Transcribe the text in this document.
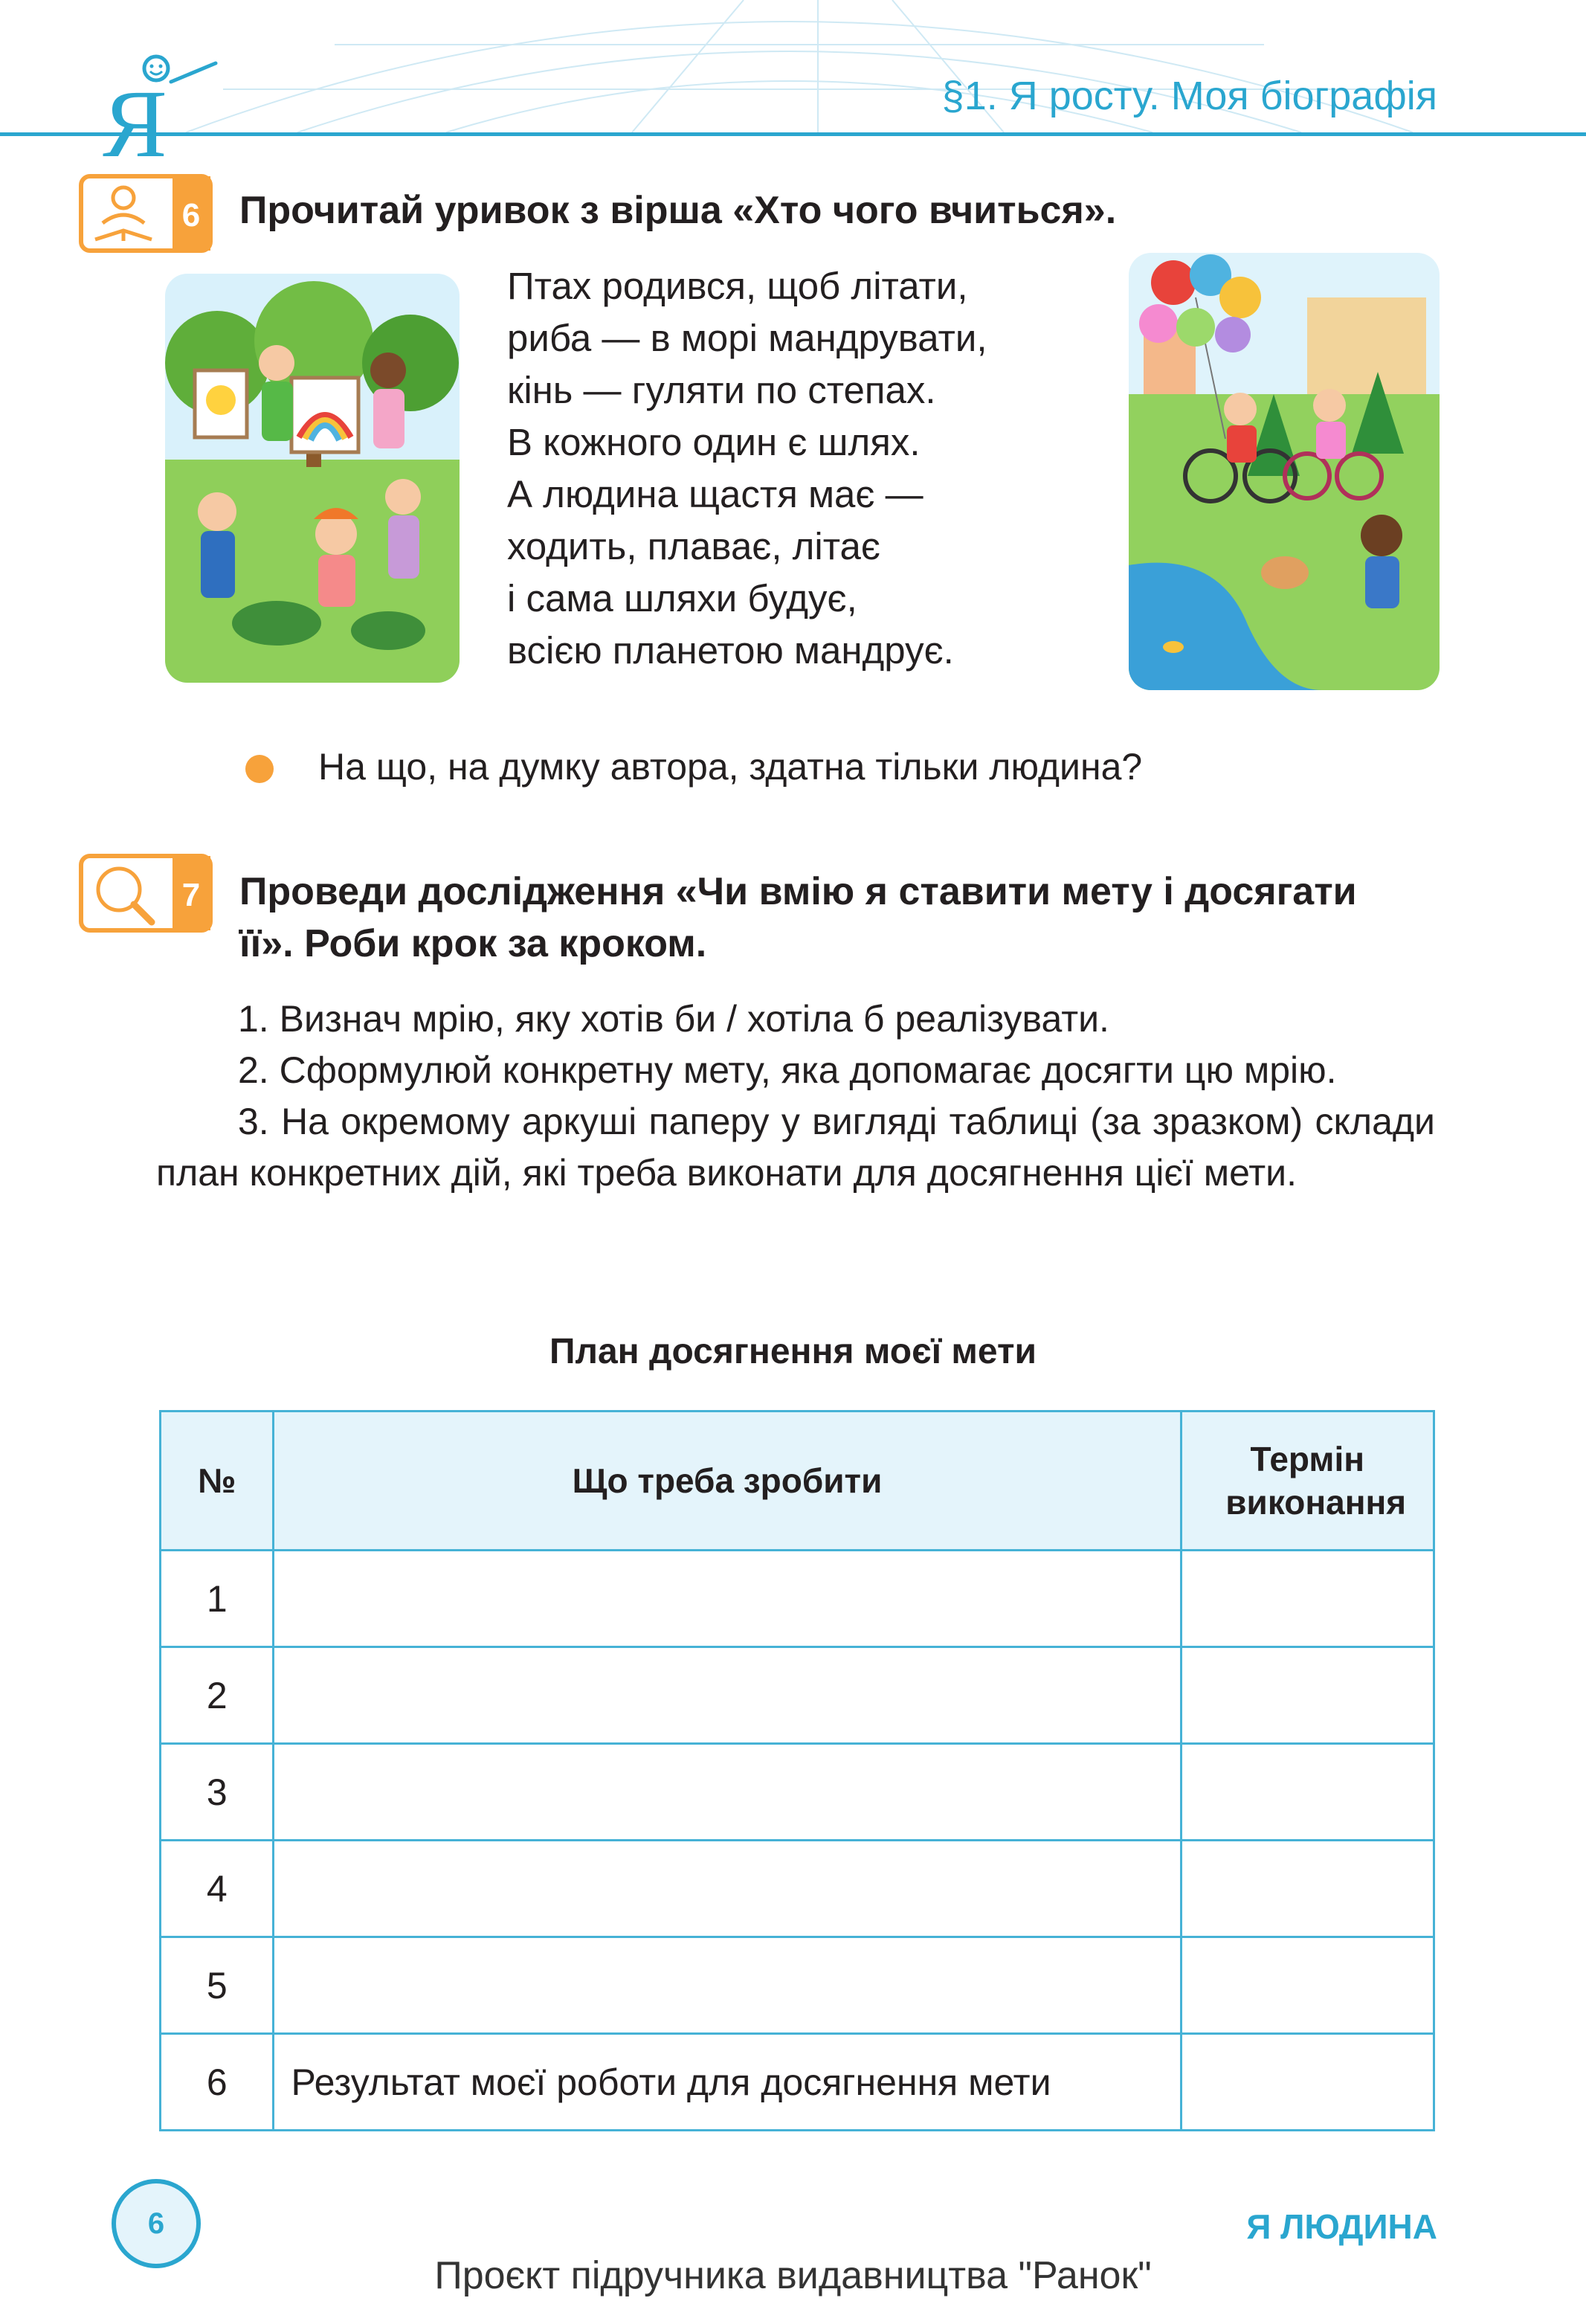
§1. Я росту. Моя біографія
Я
6 Прочитай уривок з вірша «Хто чого вчиться».
Птах родився, щоб літати,
риба — в морі мандрувати,
кінь — гуляти по степах.
В кожного один є шлях.
А людина щастя має —
ходить, плаває, літає
і сама шляхи будує,
всією планетою мандрує.
На що, на думку автора, здатна тільки людина?
7 Проведи дослідження «Чи вмію я ставити мету і досягати
її». Роби крок за кроком.

1. Визнач мрію, яку хотів би / хотіла б реалізувати.

2. Сформулюй конкретну мету, яка допомагає досягти цю мрію.

3. На окремому аркуші паперу у вигляді таблиці (за зразком) склади план конкретних дій, які треба виконати для досягнення цієї мети.

План досягнення моєї мети
№	Що треба зробити	Термін виконання

1		
2		
3		
4		
5		
6	Результат моєї роботи для досягнення мети	
6	Я ЛЮДИНА
Проєкт підручника видавництва "Ранок"
